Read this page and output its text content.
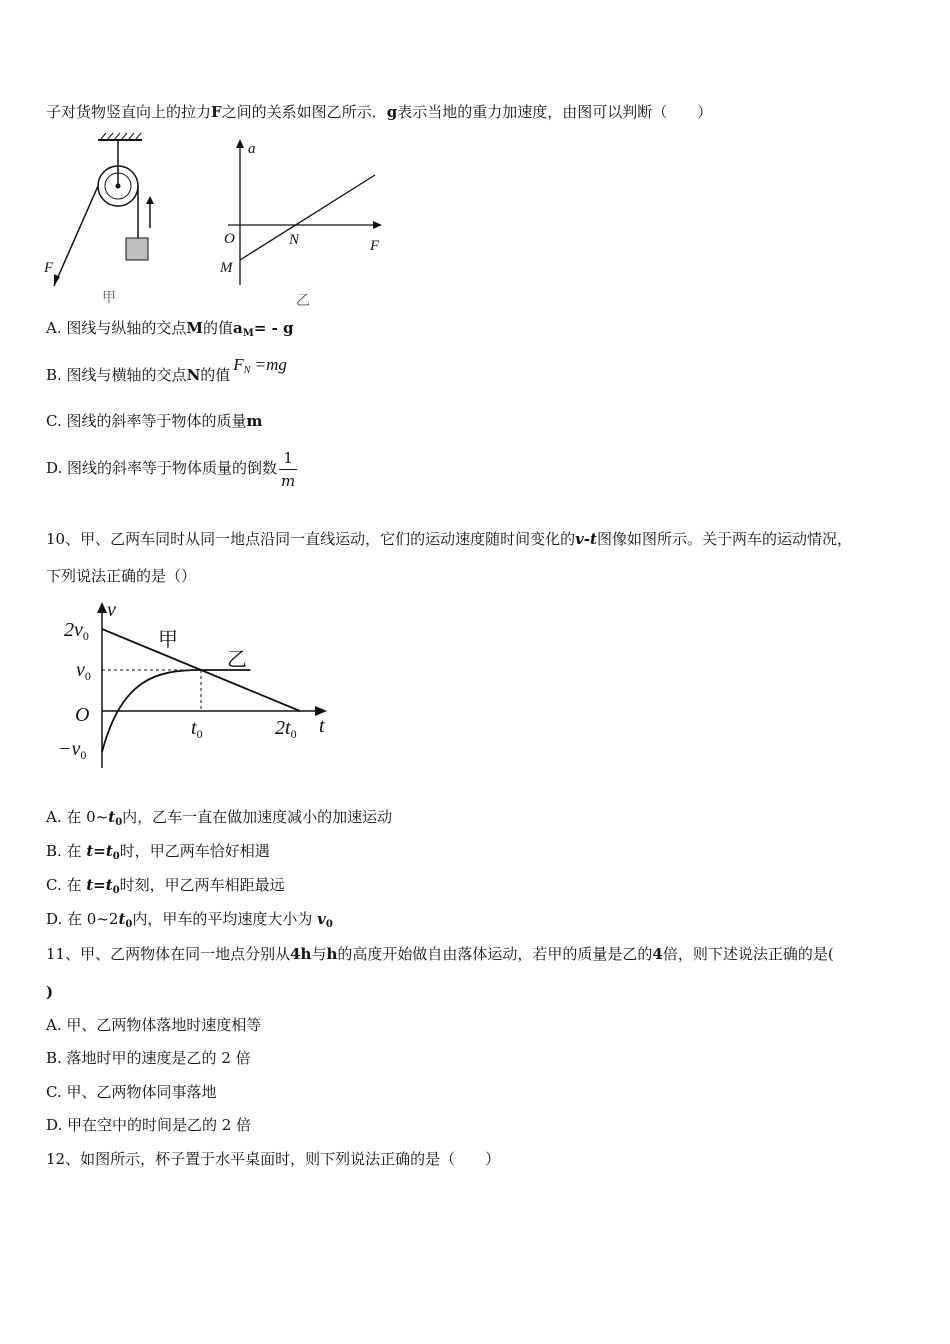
子对货物竖直向上的拉力F之间的关系如图乙所示．g表示当地的重力加速度，由图可以判断（　　）
F
甲
a
O	N	F
M
乙
A. 图线与纵轴的交点M的值$a_M= - g$
B. 图线与横轴的交点N的值$F_N =mg$
C. 图线的斜率等于物体的质量m
D. 图线的斜率等于物体质量的倒数 $\frac{1}{m}$
10、甲、乙两车同时从同一地点沿同一直线运动，它们的运动速度随时间变化的v-t图像如图所示。关于两车的运动情况，
下列说法正确的是（）
v
t
O
$2v_0$
$v_0$
$-v_0$
$t_0$	$2t_0$
甲
乙
A. 在 $0\sim t_0$内，乙车一直在做加速度减小的加速运动
B. 在 $t=t_0$时，甲乙两车恰好相遇
C. 在 $t=t_0$时刻，甲乙两车相距最远
D. 在 $0\sim 2t_0$内，甲车的平均速度大小为 $v_0$
11、甲、乙两物体在同一地点分别从4h与h的高度开始做自由落体运动，若甲的质量是乙的4倍，则下述说法正确的是(
)
A. 甲、乙两物体落地时速度相等
B. 落地时甲的速度是乙的 2 倍
C. 甲、乙两物体同事落地
D. 甲在空中的时间是乙的 2 倍
12、如图所示，杯子置于水平桌面时，则下列说法正确的是（　　）
